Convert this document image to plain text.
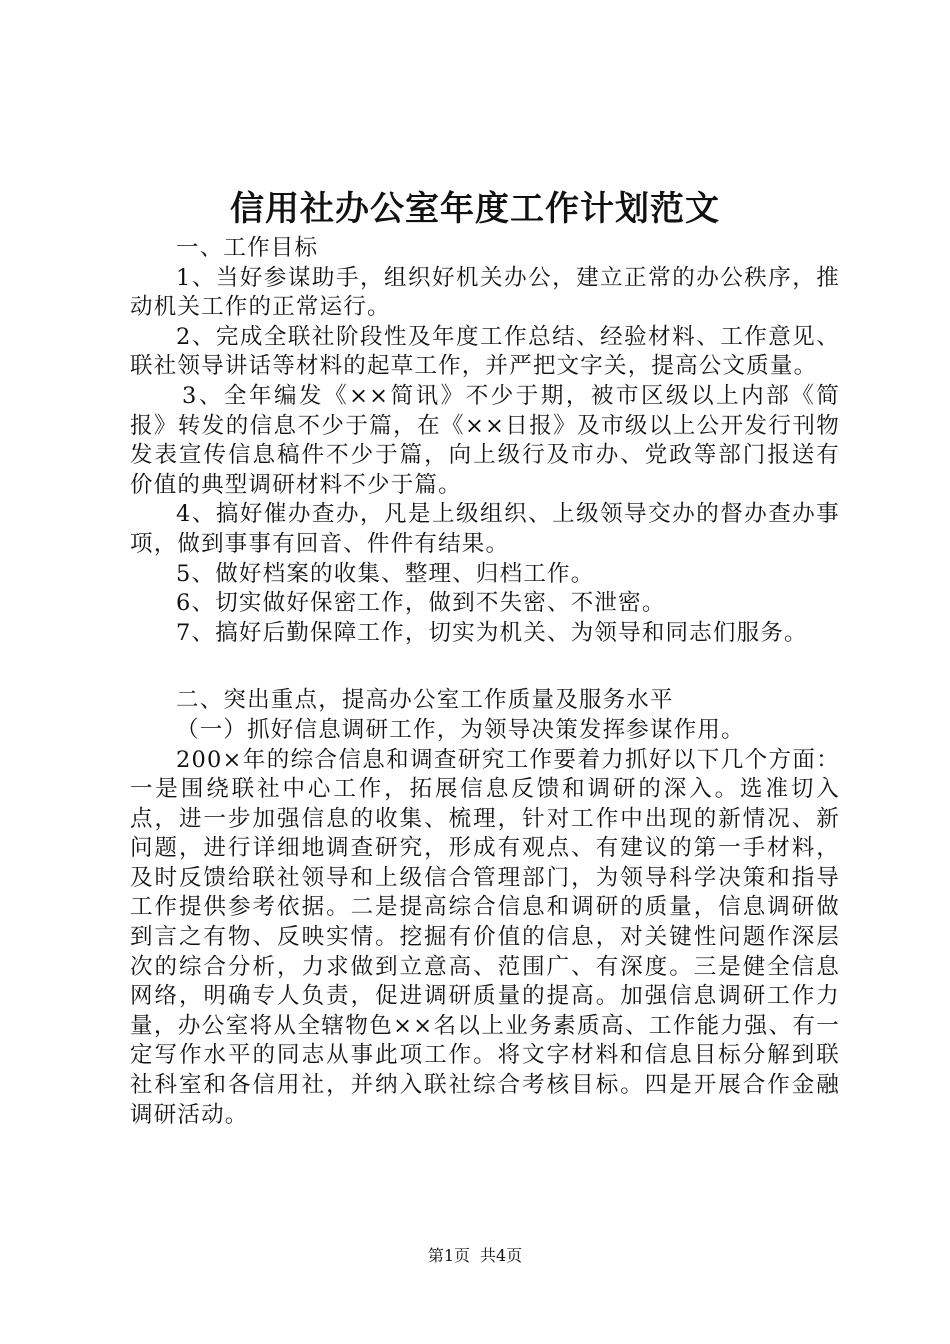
信用社办公室年度工作计划范文

一、工作目标

1、当好参谋助手，组织好机关办公，建立正常的办公秩序，推动机关工作的正常运行。

2、完成全联社阶段性及年度工作总结、经验材料、工作意见、联社领导讲话等材料的起草工作，并严把文字关，提高公文质量。

3、全年编发《××简讯》不少于期，被市区级以上内部《简报》转发的信息不少于篇，在《××日报》及市级以上公开发行刊物发表宣传信息稿件不少于篇，向上级行及市办、党政等部门报送有价值的典型调研材料不少于篇。

4、搞好催办查办，凡是上级组织、上级领导交办的督办查办事项，做到事事有回音、件件有结果。

5、做好档案的收集、整理、归档工作。

6、切实做好保密工作，做到不失密、不泄密。

7、搞好后勤保障工作，切实为机关、为领导和同志们服务。

二、突出重点，提高办公室工作质量及服务水平

（一）抓好信息调研工作，为领导决策发挥参谋作用。

200×年的综合信息和调查研究工作要着力抓好以下几个方面：一是围绕联社中心工作，拓展信息反馈和调研的深入。选准切入点，进一步加强信息的收集、梳理，针对工作中出现的新情况、新问题，进行详细地调查研究，形成有观点、有建议的第一手材料，及时反馈给联社领导和上级信合管理部门，为领导科学决策和指导工作提供参考依据。二是提高综合信息和调研的质量，信息调研做到言之有物、反映实情。挖掘有价值的信息，对关键性问题作深层次的综合分析，力求做到立意高、范围广、有深度。三是健全信息网络，明确专人负责，促进调研质量的提高。加强信息调研工作力量，办公室将从全辖物色××名以上业务素质高、工作能力强、有一定写作水平的同志从事此项工作。将文字材料和信息目标分解到联社科室和各信用社，并纳入联社综合考核目标。四是开展合作金融调研活动。

第1页 共4页
